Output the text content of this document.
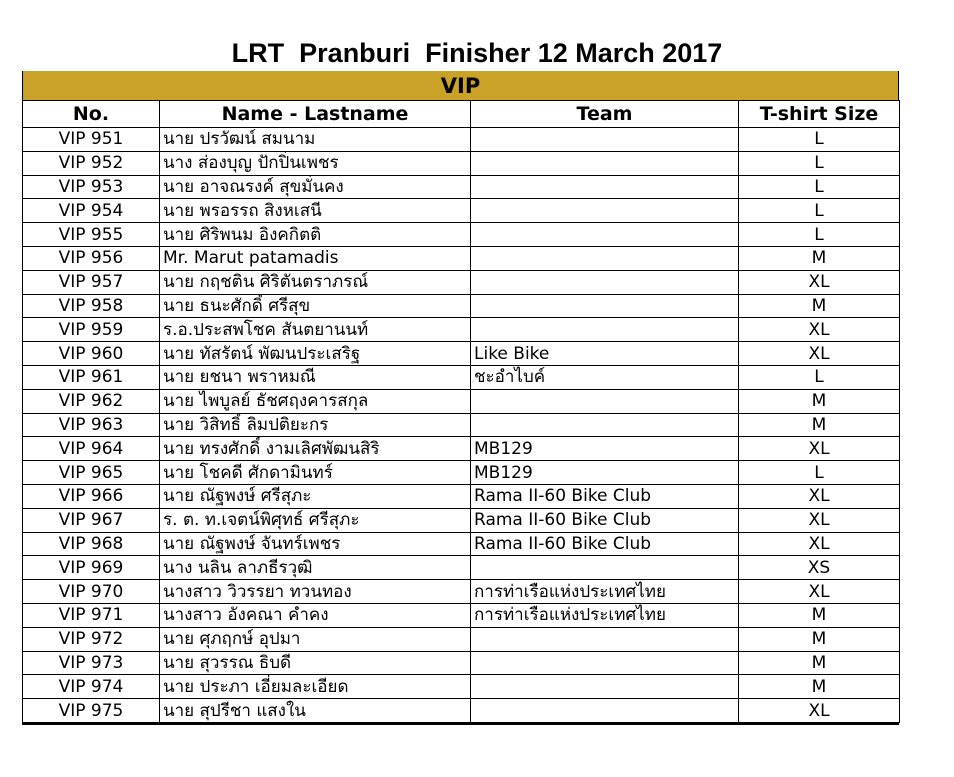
LRT  Pranburi  Finisher 12 March 2017
VIP
No.	Name - Lastname	Team	T-shirt Size
VIP 951	นาย ปรวัฒน์ สมนาม		L
VIP 952	นาง ส่องบุญ ปักปิ่นเพชร		L
VIP 953	นาย อาจณรงค์ สุขมั่นคง		L
VIP 954	นาย พรอรรถ สิงหเสนี		L
VIP 955	นาย ศิริพนม อิงคกิตติ		L
VIP 956	Mr. Marut patamadis		M
VIP 957	นาย กฤชติน ศิริตันตราภรณ์		XL
VIP 958	นาย ธนะศักดิ์ ศรีสุข		M
VIP 959	ร.อ.ประสพโชค สันตยานนท์		XL
VIP 960	นาย ทัสรัตน์ พัฒนประเสริฐ	Like Bike	XL
VIP 961	นาย ยชนา พราหมณี	ชะอำไบค์	L
VIP 962	นาย ไพบูลย์ ธัชศฤงคารสกุล		M
VIP 963	นาย วิสิทธิ์ ลิมปติยะกร		M
VIP 964	นาย ทรงศักดิ์ งามเลิศพัฒนสิริ	MB129	XL
VIP 965	นาย โชคดี ศักดามินทร์	MB129	L
VIP 966	นาย ณัฐพงษ์ ศรีสุภะ	Rama II-60 Bike Club	XL
VIP 967	ร. ต. ท.เจตน์พิศุทธ์ ศรีสุภะ	Rama II-60 Bike Club	XL
VIP 968	นาย ณัฐพงษ์ จันทร์เพชร	Rama II-60 Bike Club	XL
VIP 969	นาง นลิน ลาภธีรวุฒิ		XS
VIP 970	นางสาว วิวรรยา ทวนทอง	การท่าเรือแห่งประเทศไทย	XL
VIP 971	นางสาว อังคณา คำคง	การท่าเรือแห่งประเทศไทย	M
VIP 972	นาย ศุภฤกษ์ อุปมา		M
VIP 973	นาย สุวรรณ ธิบดี		M
VIP 974	นาย ประภา เอี่ยมละเอียด		M
VIP 975	นาย สุปรีชา แสงใน		XL
